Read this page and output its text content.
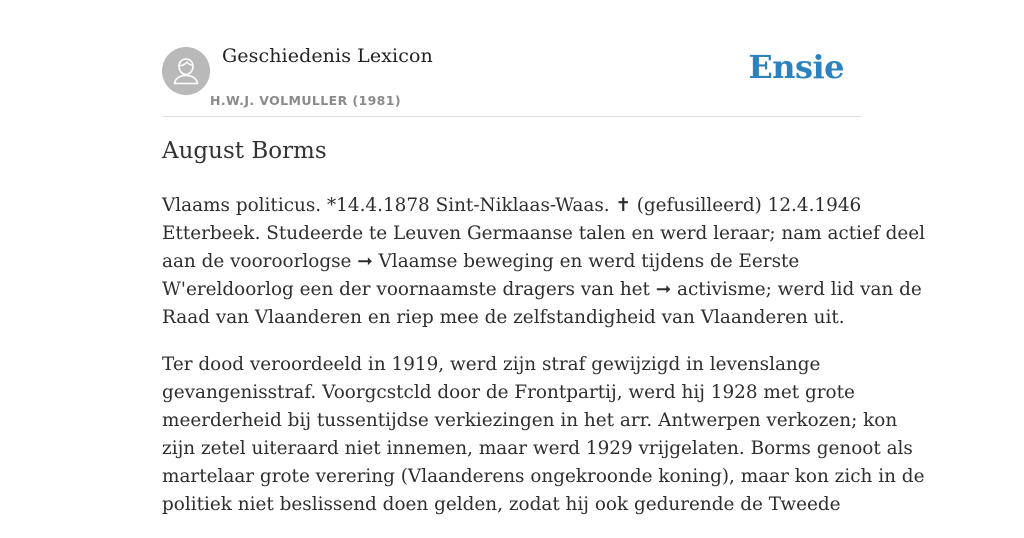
Geschiedenis Lexicon
H.W.J. VOLMULLER (1981)
Ensie
August Borms

Vlaams politicus. *14.4.1878 Sint-Niklaas-Waas. ✝ (gefusilleerd) 12.4.1946
Etterbeek. Studeerde te Leuven Germaanse talen en werd leraar; nam actief deel
aan de vooroorlogse ➞ Vlaamse beweging en werd tijdens de Eerste
W'ereldoorlog een der voornaamste dragers van het ➞ activisme; werd lid van de
Raad van Vlaanderen en riep mee de zelfstandigheid van Vlaanderen uit.

Ter dood veroordeeld in 1919, werd zijn straf gewijzigd in levenslange
gevangenisstraf. Voorgcstcld door de Frontpartij, werd hij 1928 met grote
meerderheid bij tussentijdse verkiezingen in het arr. Antwerpen verkozen; kon
zijn zetel uiteraard niet innemen, maar werd 1929 vrijgelaten. Borms genoot als
martelaar grote verering (Vlaanderens ongekroonde koning), maar kon zich in de
politiek niet beslissend doen gelden, zodat hij ook gedurende de Tweede
